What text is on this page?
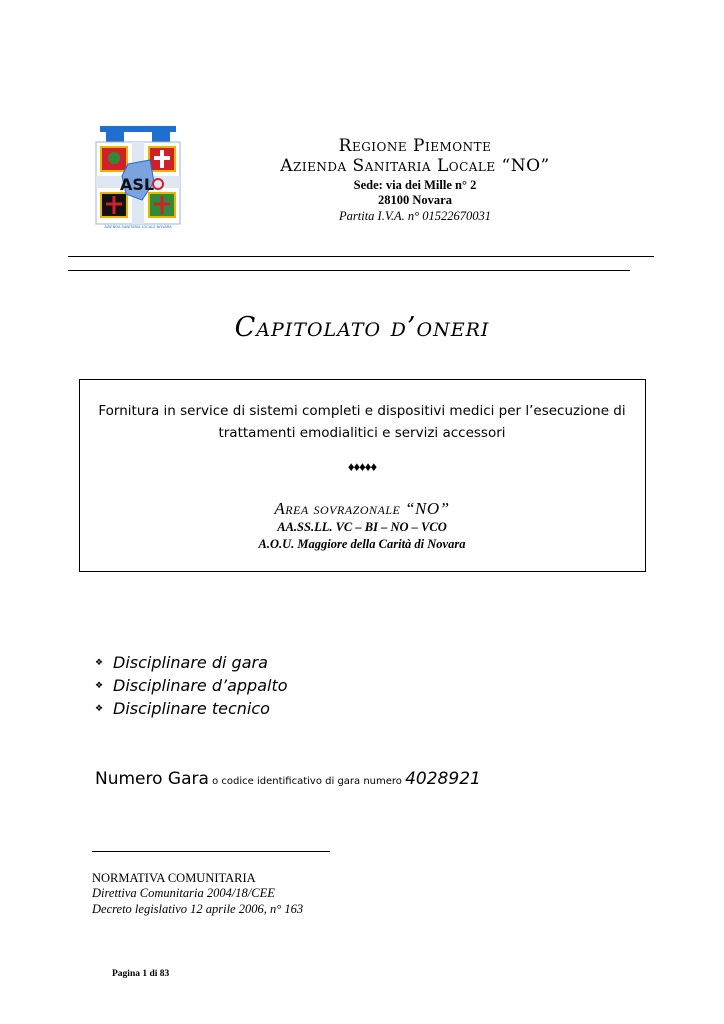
ASL
AZIENDA SANITARIA LOCALE NOVARA
Regione Piemonte
Azienda Sanitaria Locale “NO”
Sede: via dei Mille n° 2
28100 Novara
Partita I.V.A. n° 01522670031
Capitolato d’oneri
Fornitura in service di sistemi completi e dispositivi medici per l’esecuzione di trattamenti emodialitici e servizi accessori
♦♦♦♦♦
Area sovrazonale “NO”
AA.SS.LL. VC – BI – NO – VCO
A.O.U. Maggiore della Carità di Novara
❖ Disciplinare di gara
❖ Disciplinare d’appalto
❖ Disciplinare tecnico
Numero Gara o codice identificativo di gara numero 4028921
NORMATIVA COMUNITARIA
Direttiva Comunitaria 2004/18/CEE
Decreto legislativo 12 aprile 2006, n° 163
Pagina 1 di 83
